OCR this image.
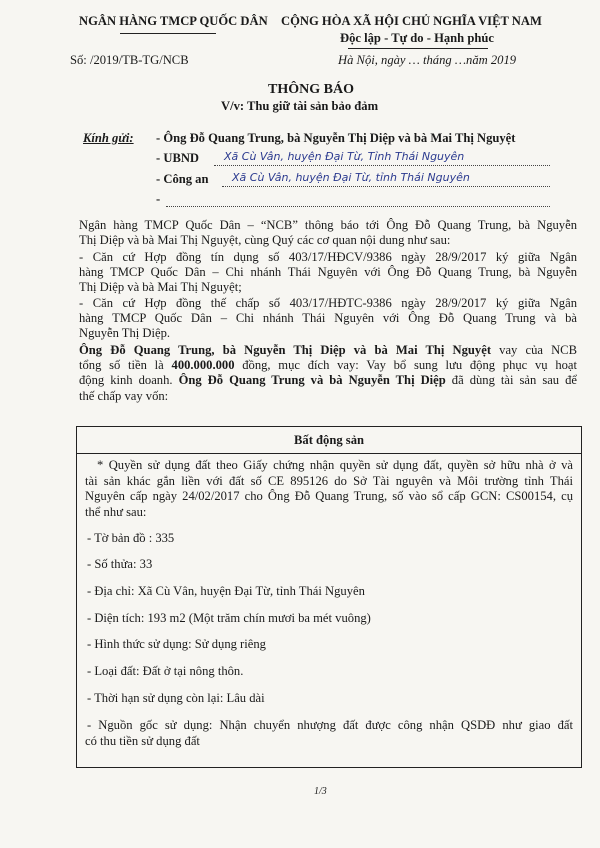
NGÂN HÀNG TMCP QUỐC DÂN
Số: /2019/TB-TG/NCB
CỘNG HÒA XÃ HỘI CHỦ NGHĨA VIỆT NAM
Độc lập - Tự do - Hạnh phúc
Hà Nội, ngày … tháng …năm 2019
THÔNG BÁO
V/v: Thu giữ tài sản bảo đảm
Kính gửi: - Ông Đỗ Quang Trung, bà Nguyễn Thị Diệp và bà Mai Thị Nguyệt
- UBND Xã Cù Vân, huyện Đại Từ, Tỉnh Thái Nguyên
- Công an Xã Cù Vân, huyện Đại Từ, tỉnh Thái Nguyên
-
Ngân hàng TMCP Quốc Dân – “NCB” thông báo tới Ông Đỗ Quang Trung, bà Nguyễn
Thị Diệp và bà Mai Thị Nguyệt, cùng Quý các cơ quan nội dung như sau:
- Căn cứ Hợp đồng tín dụng số 403/17/HĐCV/9386 ngày 28/9/2017 ký giữa Ngân
hàng TMCP Quốc Dân – Chi nhánh Thái Nguyên với Ông Đỗ Quang Trung, bà Nguyễn
Thị Diệp và bà Mai Thị Nguyệt;
- Căn cứ Hợp đồng thế chấp số 403/17/HĐTC-9386 ngày 28/9/2017 ký giữa Ngân
hàng TMCP Quốc Dân – Chi nhánh Thái Nguyên với Ông Đỗ Quang Trung và bà
Nguyễn Thị Diệp.
Ông Đỗ Quang Trung, bà Nguyễn Thị Diệp và bà Mai Thị Nguyệt vay của NCB
tổng số tiền là 400.000.000 đồng, mục đích vay: Vay bổ sung lưu động phục vụ hoạt
động kinh doanh. Ông Đỗ Quang Trung và bà Nguyễn Thị Diệp đã dùng tài sản sau để
thế chấp vay vốn:
Bất động sản
* Quyền sử dụng đất theo Giấy chứng nhận quyền sử dụng đất, quyền sở hữu nhà ở và
tài sản khác gắn liền với đất số CE 895126 do Sở Tài nguyên và Môi trường tỉnh Thái
Nguyên cấp ngày 24/02/2017 cho Ông Đỗ Quang Trung, số vào sổ cấp GCN: CS00154, cụ
thể như sau:
- Tờ bản đồ : 335
- Số thửa: 33
- Địa chỉ: Xã Cù Vân, huyện Đại Từ, tỉnh Thái Nguyên
- Diện tích: 193 m2 (Một trăm chín mươi ba mét vuông)
- Hình thức sử dụng: Sử dụng riêng
- Loại đất: Đất ở tại nông thôn.
- Thời hạn sử dụng còn lại: Lâu dài
- Nguồn gốc sử dụng: Nhận chuyển nhượng đất được công nhận QSDĐ như giao đất
có thu tiền sử dụng đất
1/3
